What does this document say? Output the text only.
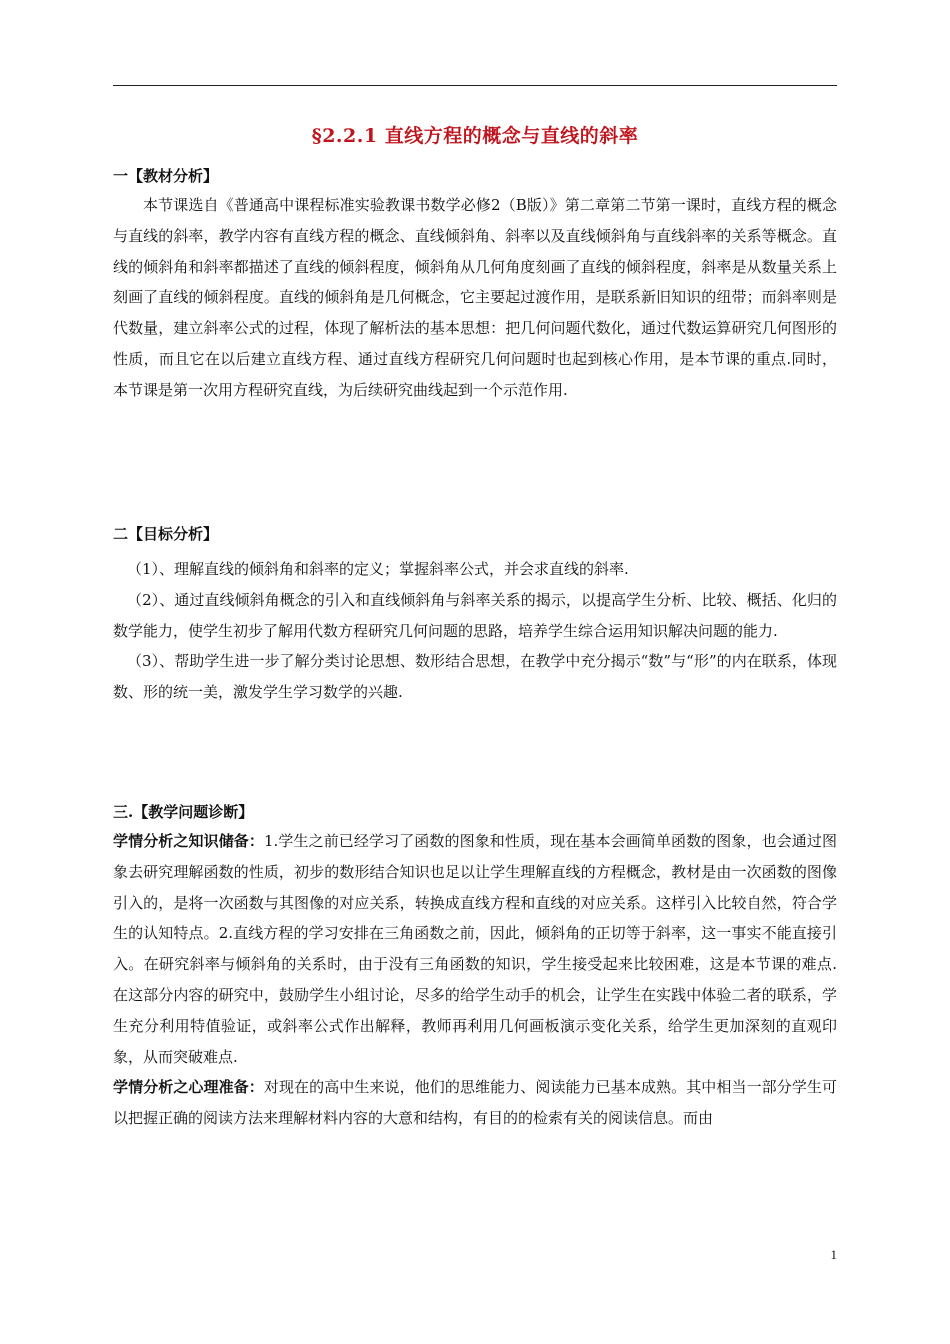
§2.2.1 直线方程的概念与直线的斜率
一【教材分析】

本节课选自《普通高中课程标准实验教课书数学必修2（B版）》第二章第二节第一课时，直线方程的概念与直线的斜率，教学内容有直线方程的概念、直线倾斜角、斜率以及直线倾斜角与直线斜率的关系等概念。直线的倾斜角和斜率都描述了直线的倾斜程度，倾斜角从几何角度刻画了直线的倾斜程度，斜率是从数量关系上刻画了直线的倾斜程度。直线的倾斜角是几何概念，它主要起过渡作用，是联系新旧知识的纽带；而斜率则是代数量，建立斜率公式的过程，体现了解析法的基本思想：把几何问题代数化，通过代数运算研究几何图形的性质，而且它在以后建立直线方程、通过直线方程研究几何问题时也起到核心作用，是本节课的重点.同时，本节课是第一次用方程研究直线，为后续研究曲线起到一个示范作用.

二【目标分析】

（1）、理解直线的倾斜角和斜率的定义；掌握斜率公式，并会求直线的斜率.

（2）、通过直线倾斜角概念的引入和直线倾斜角与斜率关系的揭示，以提高学生分析、比较、概括、化归的数学能力，使学生初步了解用代数方程研究几何问题的思路，培养学生综合运用知识解决问题的能力.

（3）、帮助学生进一步了解分类讨论思想、数形结合思想，在教学中充分揭示“数”与“形”的内在联系，体现数、形的统一美，激发学生学习数学的兴趣.

三.【教学问题诊断】

学情分析之知识储备：1.学生之前已经学习了函数的图象和性质，现在基本会画简单函数的图象，也会通过图象去研究理解函数的性质，初步的数形结合知识也足以让学生理解直线的方程概念，教材是由一次函数的图像引入的，是将一次函数与其图像的对应关系，转换成直线方程和直线的对应关系。这样引入比较自然，符合学生的认知特点。2.直线方程的学习安排在三角函数之前，因此，倾斜角的正切等于斜率，这一事实不能直接引入。在研究斜率与倾斜角的关系时，由于没有三角函数的知识，学生接受起来比较困难，这是本节课的难点.在这部分内容的研究中，鼓励学生小组讨论，尽多的给学生动手的机会，让学生在实践中体验二者的联系，学生充分利用特值验证，或斜率公式作出解释，教师再利用几何画板演示变化关系，给学生更加深刻的直观印象，从而突破难点.

学情分析之心理准备：对现在的高中生来说，他们的思维能力、阅读能力已基本成熟。其中相当一部分学生可以把握正确的阅读方法来理解材料内容的大意和结构，有目的的检索有关的阅读信息。而由

1
